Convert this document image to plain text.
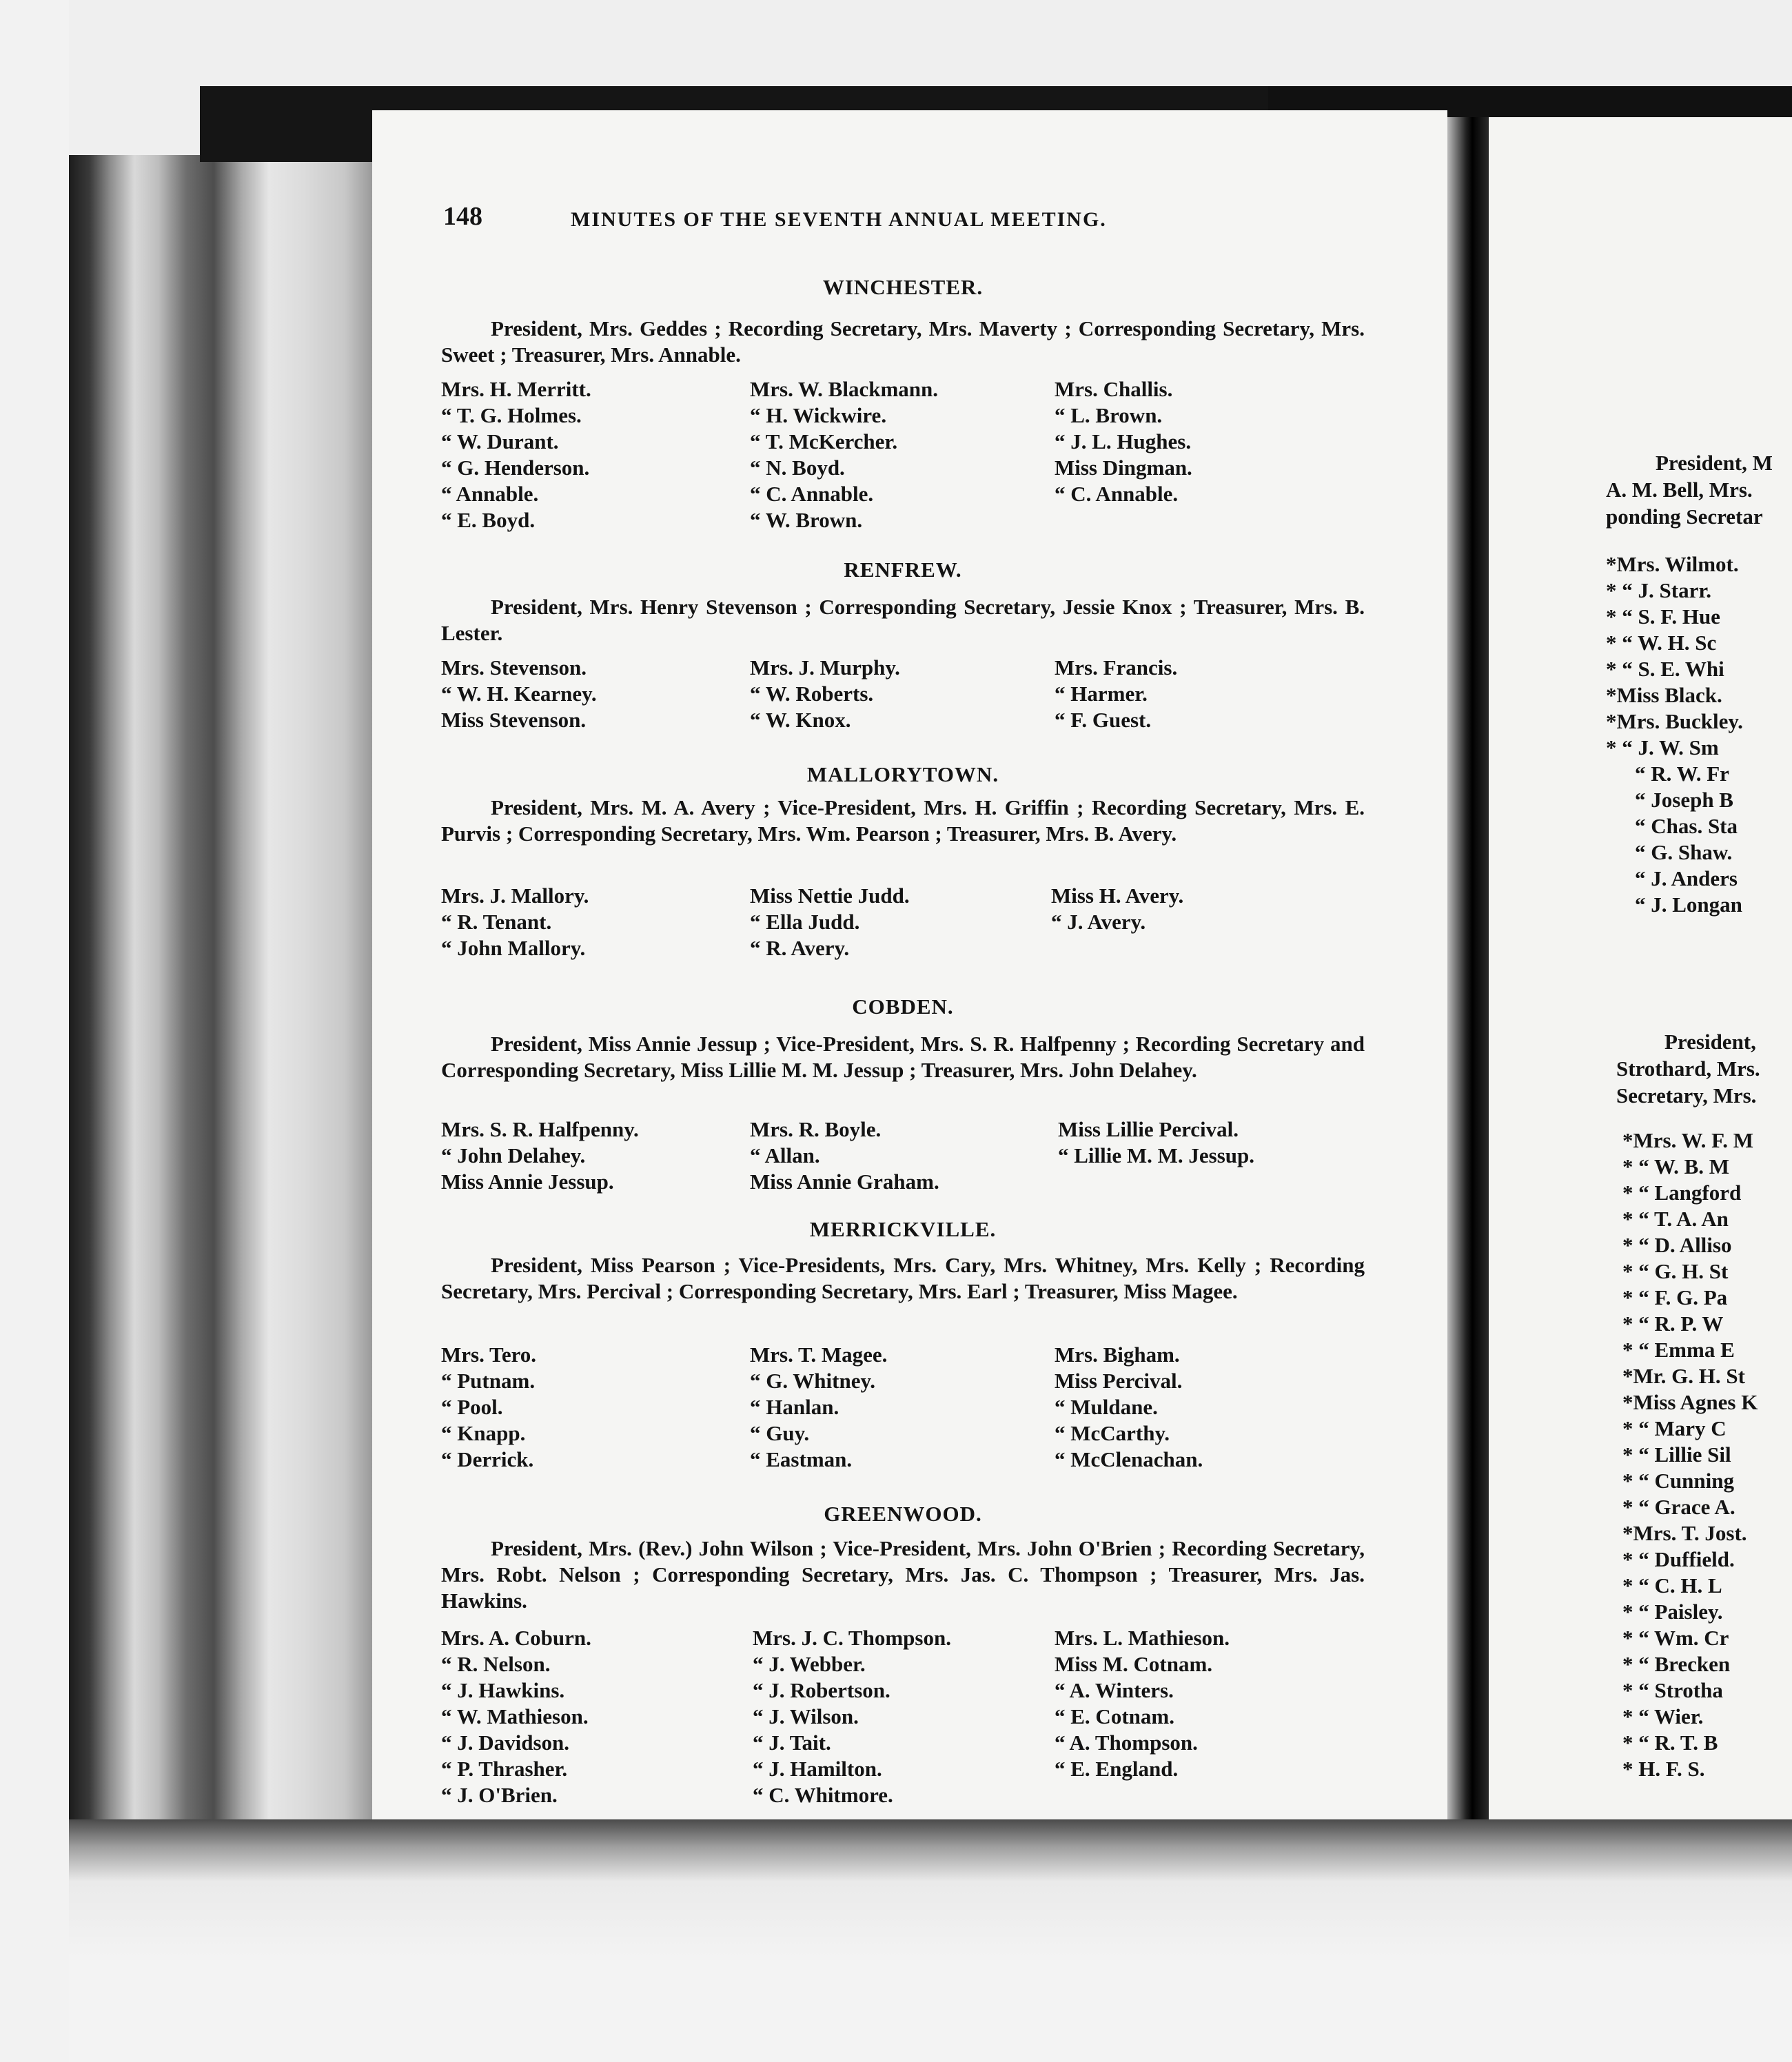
148	MINUTES OF THE SEVENTH ANNUAL MEETING.
WINCHESTER.
President, Mrs. Geddes ; Recording Secretary, Mrs. Maverty ; Corresponding Secretary, Mrs. Sweet ; Treasurer, Mrs. Annable.
Mrs. H. Merritt.
“ T. G. Holmes.
“ W. Durant.
“ G. Henderson.
“ Annable.
“ E. Boyd.
Mrs. W. Blackmann.
“ H. Wickwire.
“ T. McKercher.
“ N. Boyd.
“ C. Annable.
“ W. Brown.
Mrs. Challis.
“ L. Brown.
“ J. L. Hughes.
Miss Dingman.
“ C. Annable.
RENFREW.
President, Mrs. Henry Stevenson ; Corresponding Secretary, Jessie Knox ; Treasurer, Mrs. B. Lester.
Mrs. Stevenson.
“ W. H. Kearney.
Miss Stevenson.
Mrs. J. Murphy.
“ W. Roberts.
“ W. Knox.
Mrs. Francis.
“ Harmer.
“ F. Guest.
MALLORYTOWN.
President, Mrs. M. A. Avery ; Vice-President, Mrs. H. Griffin ; Recording Secretary, Mrs. E. Purvis ; Corresponding Secretary, Mrs. Wm. Pearson ; Treasurer, Mrs. B. Avery.
Mrs. J. Mallory.
“ R. Tenant.
“ John Mallory.
Miss Nettie Judd.
“ Ella Judd.
“ R. Avery.
Miss H. Avery.
“ J. Avery.
COBDEN.
President, Miss Annie Jessup ; Vice-President, Mrs. S. R. Halfpenny ; Recording Secretary and Corresponding Secretary, Miss Lillie M. M. Jessup ; Treasurer, Mrs. John Delahey.
Mrs. S. R. Halfpenny.
“ John Delahey.
Miss Annie Jessup.
Mrs. R. Boyle.
“ Allan.
Miss Annie Graham.
Miss Lillie Percival.
“ Lillie M. M. Jessup.
MERRICKVILLE.
President, Miss Pearson ; Vice-Presidents, Mrs. Cary, Mrs. Whitney, Mrs. Kelly ; Recording Secretary, Mrs. Percival ; Corresponding Secretary, Mrs. Earl ; Treasurer, Miss Magee.
Mrs. Tero.
“ Putnam.
“ Pool.
“ Knapp.
“ Derrick.
Mrs. T. Magee.
“ G. Whitney.
“ Hanlan.
“ Guy.
“ Eastman.
Mrs. Bigham.
Miss Percival.
“ Muldane.
“ McCarthy.
“ McClenachan.
GREENWOOD.
President, Mrs. (Rev.) John Wilson ; Vice-President, Mrs. John O'Brien ; Recording Secretary, Mrs. Robt. Nelson ; Corresponding Secretary, Mrs. Jas. C. Thompson ; Treasurer, Mrs. Jas. Hawkins.
Mrs. A. Coburn.
“ R. Nelson.
“ J. Hawkins.
“ W. Mathieson.
“ J. Davidson.
“ P. Thrasher.
“ J. O'Brien.
Mrs. J. C. Thompson.
“ J. Webber.
“ J. Robertson.
“ J. Wilson.
“ J. Tait.
“ J. Hamilton.
“ C. Whitmore.
Mrs. L. Mathieson.
Miss M. Cotnam.
“ A. Winters.
“ E. Cotnam.
“ A. Thompson.
“ E. England.
President, M
A. M. Bell, Mrs.
ponding Secretar
*Mrs. Wilmot.
* “ J. Starr.
* “ S. F. Hue
* “ W. H. Sc
* “ S. E. Whi
*Miss Black.
*Mrs. Buckley.
* “ J. W. Sm
“ R. W. Fr
“ Joseph B
“ Chas. Sta
“ G. Shaw.
“ J. Anders
“ J. Longan
President,
Strothard, Mrs.
Secretary, Mrs.
*Mrs. W. F. M
* “ W. B. M
* “ Langford
* “ T. A. An
* “ D. Alliso
* “ G. H. St
* “ F. G. Pa
* “ R. P. W
* “ Emma E
*Mr. G. H. St
*Miss Agnes K
* “ Mary C
* “ Lillie Sil
* “ Cunning
* “ Grace A.
*Mrs. T. Jost.
* “ Duffield.
* “ C. H. L
* “ Paisley.
* “ Wm. Cr
* “ Brecken
* “ Strotha
* “ Wier.
* “ R. T. B
* H. F. S.
